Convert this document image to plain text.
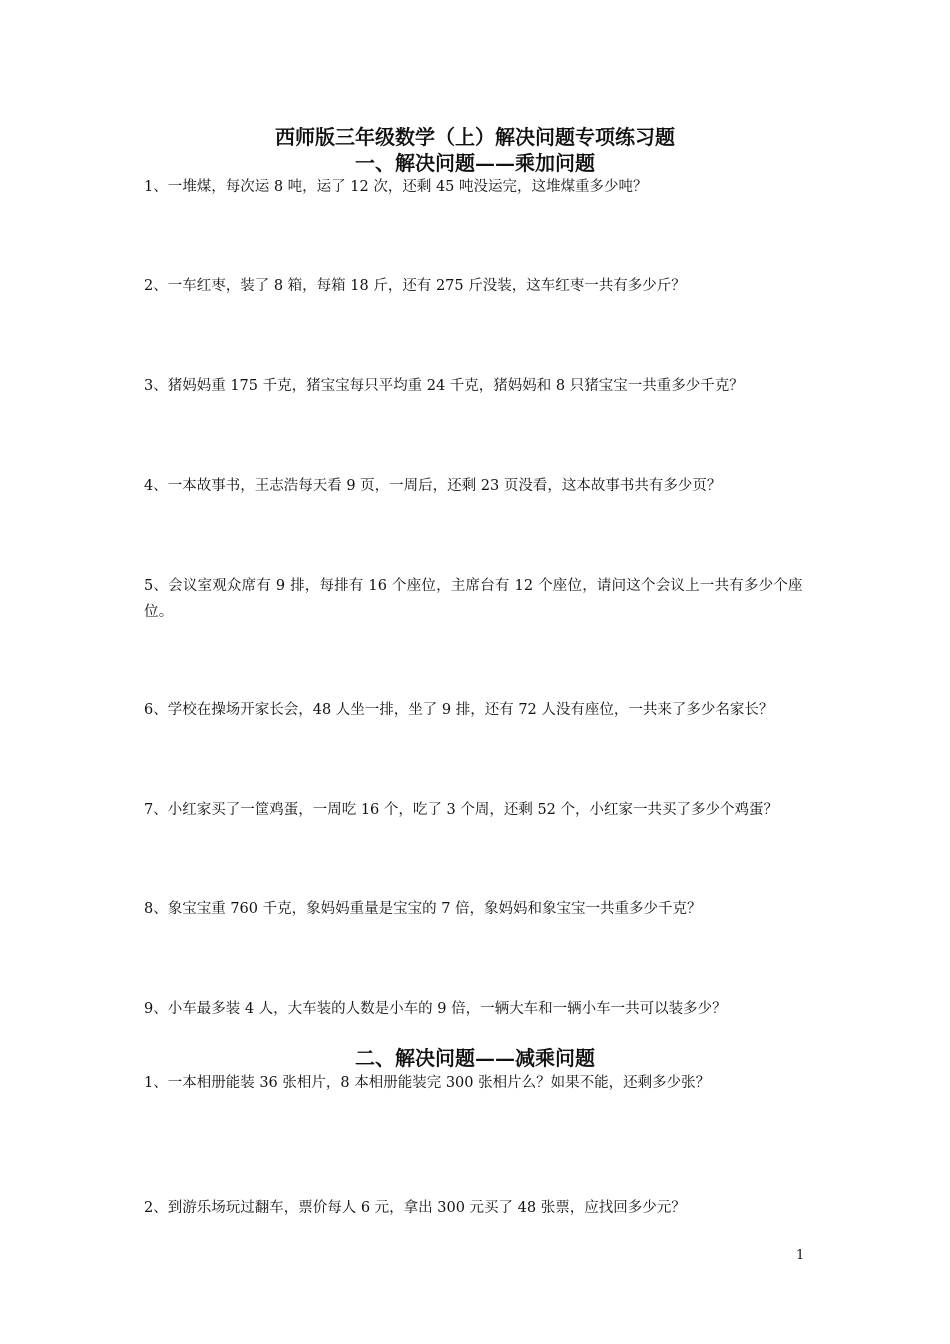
西师版三年级数学（上）解决问题专项练习题
一、解决问题——乘加问题
1、一堆煤，每次运 8 吨，运了 12 次，还剩 45 吨没运完，这堆煤重多少吨？
2、一车红枣，装了 8 箱，每箱 18 斤，还有 275 斤没装，这车红枣一共有多少斤？
3、猪妈妈重 175 千克，猪宝宝每只平均重 24 千克，猪妈妈和 8 只猪宝宝一共重多少千克？
4、一本故事书，王志浩每天看 9 页，一周后，还剩 23 页没看，这本故事书共有多少页？
5、会议室观众席有 9 排，每排有 16 个座位，主席台有 12 个座位，请问这个会议上一共有多少个座位。
6、学校在操场开家长会，48 人坐一排，坐了 9 排，还有 72 人没有座位，一共来了多少名家长？
7、小红家买了一筐鸡蛋，一周吃 16 个，吃了 3 个周，还剩 52 个，小红家一共买了多少个鸡蛋？
8、象宝宝重 760 千克，象妈妈重量是宝宝的 7 倍，象妈妈和象宝宝一共重多少千克？
9、小车最多装 4 人，大车装的人数是小车的 9 倍，一辆大车和一辆小车一共可以装多少？
二、解决问题——减乘问题
1、一本相册能装 36 张相片，8 本相册能装完 300 张相片么？如果不能，还剩多少张？
2、到游乐场玩过翻车，票价每人 6 元，拿出 300 元买了 48 张票，应找回多少元？
1
